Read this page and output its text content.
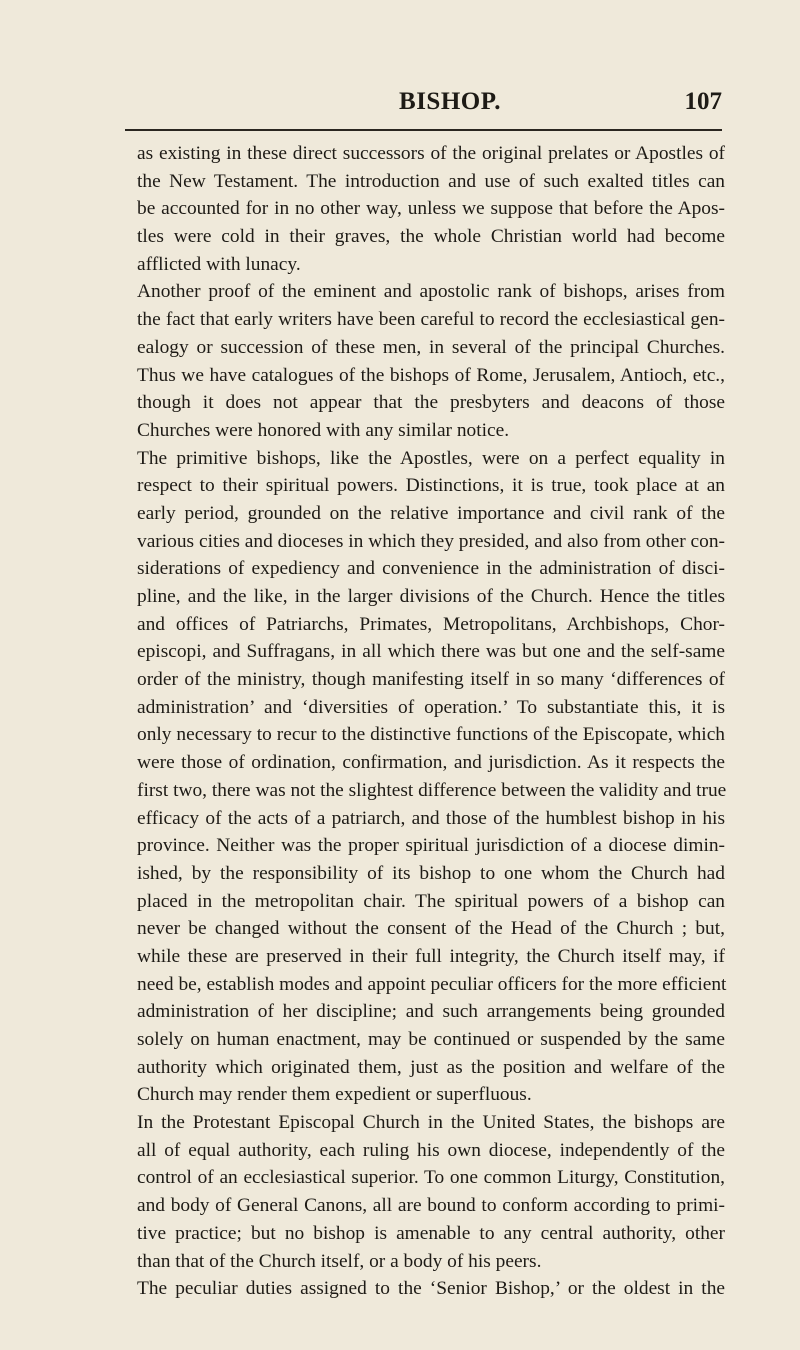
BISHOP.	107
as existing in these direct successors of the original prelates or Apostles of
the New Testament. The introduction and use of such exalted titles can
be accounted for in no other way, unless we suppose that before the Apos-
tles were cold in their graves, the whole Christian world had become
afflicted with lunacy.
Another proof of the eminent and apostolic rank of bishops, arises from
the fact that early writers have been careful to record the ecclesiastical gen-
ealogy or succession of these men, in several of the principal Churches.
Thus we have catalogues of the bishops of Rome, Jerusalem, Antioch, etc.,
though it does not appear that the presbyters and deacons of those
Churches were honored with any similar notice.
The primitive bishops, like the Apostles, were on a perfect equality in
respect to their spiritual powers. Distinctions, it is true, took place at an
early period, grounded on the relative importance and civil rank of the
various cities and dioceses in which they presided, and also from other con-
siderations of expediency and convenience in the administration of disci-
pline, and the like, in the larger divisions of the Church. Hence the titles
and offices of Patriarchs, Primates, Metropolitans, Archbishops, Chor-
episcopi, and Suffragans, in all which there was but one and the self-same
order of the ministry, though manifesting itself in so many ‘differences of
administration’ and ‘diversities of operation.’ To substantiate this, it is
only necessary to recur to the distinctive functions of the Episcopate, which
were those of ordination, confirmation, and jurisdiction. As it respects the
first two, there was not the slightest difference between the validity and true
efficacy of the acts of a patriarch, and those of the humblest bishop in his
province. Neither was the proper spiritual jurisdiction of a diocese dimin-
ished, by the responsibility of its bishop to one whom the Church had
placed in the metropolitan chair. The spiritual powers of a bishop can
never be changed without the consent of the Head of the Church ; but,
while these are preserved in their full integrity, the Church itself may, if
need be, establish modes and appoint peculiar officers for the more efficient
administration of her discipline; and such arrangements being grounded
solely on human enactment, may be continued or suspended by the same
authority which originated them, just as the position and welfare of the
Church may render them expedient or superfluous.
In the Protestant Episcopal Church in the United States, the bishops are
all of equal authority, each ruling his own diocese, independently of the
control of an ecclesiastical superior. To one common Liturgy, Constitution,
and body of General Canons, all are bound to conform according to primi-
tive practice; but no bishop is amenable to any central authority, other
than that of the Church itself, or a body of his peers.
The peculiar duties assigned to the ‘Senior Bishop,’ or the oldest in the
